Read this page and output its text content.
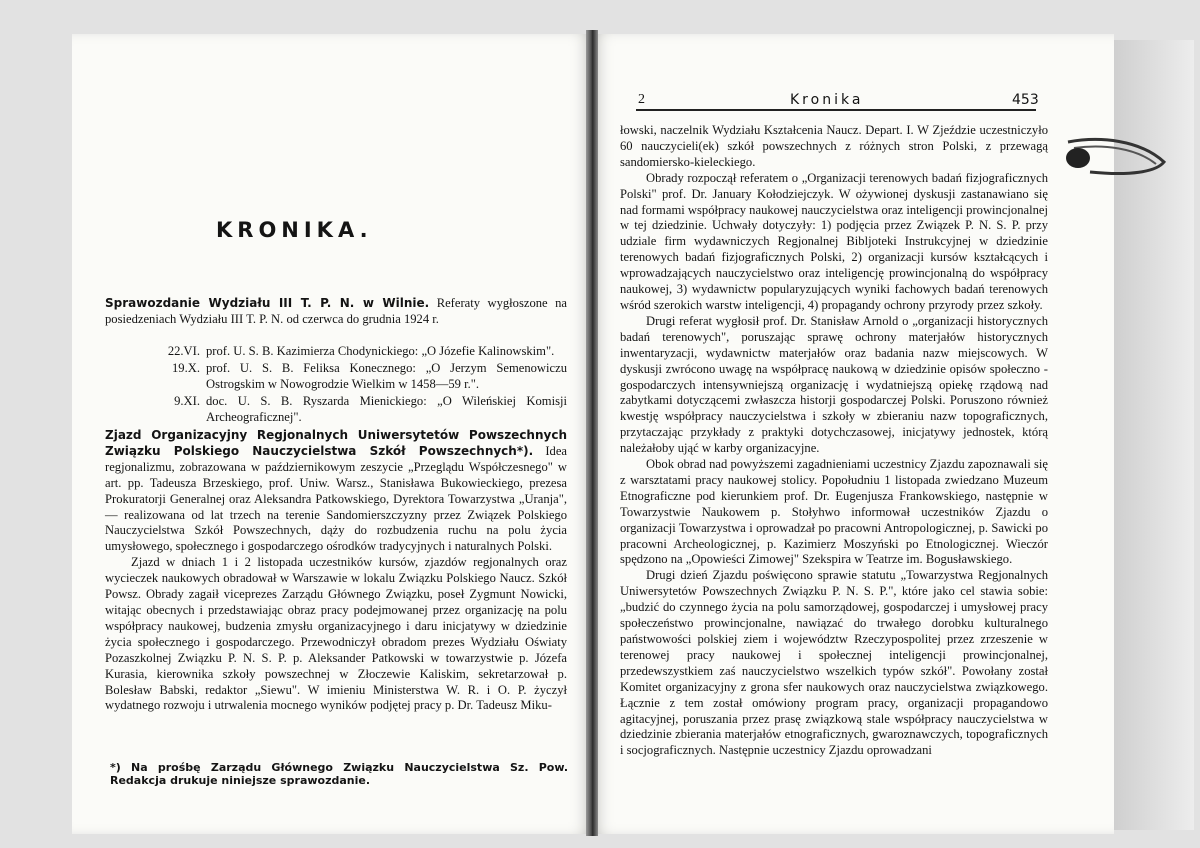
KRONIKA.

Sprawozdanie Wydziału III T. P. N. w Wilnie. Referaty wygłoszone na posiedzeniach Wydziału III T. P. N. od czerwca do grudnia 1924 r.

22.VI. prof. U. S. B. Kazimierza Chodynickiego: „O Józefie Kalinowskim".
19.X. prof. U. S. B. Feliksa Konecznego: „O Jerzym Semenowiczu Ostrogskim w Nowogrodzie Wielkim w 1458—59 r.".
9.XI. doc. U. S. B. Ryszarda Mienickiego: „O Wileńskiej Komisji Archeograficznej".

Zjazd Organizacyjny Regjonalnych Uniwersytetów Powszechnych Związku Polskiego Nauczycielstwa Szkół Powszechnych*). Idea regjonalizmu, zobrazowana w październikowym zeszycie „Przeglądu Współczesnego" w art. pp. Tadeusza Brzeskiego, prof. Uniw. Warsz., Stanisława Bukowieckiego, prezesa Prokuratorji Generalnej oraz Aleksandra Patkowskiego, Dyrektora Towarzystwa „Uranja", — realizowana od lat trzech na terenie Sandomierszczyzny przez Związek Polskiego Nauczycielstwa Szkół Powszechnych, dąży do rozbudzenia ruchu na polu życia umysłowego, społecznego i gospodarczego ośrodków tradycyjnych i naturalnych Polski.

Zjazd w dniach 1 i 2 listopada uczestników kursów, zjazdów regjonalnych oraz wycieczek naukowych obradował w Warszawie w lokalu Związku Polskiego Naucz. Szkół Powsz. Obrady zagaił viceprezes Zarządu Głównego Związku, poseł Zygmunt Nowicki, witając obecnych i przedstawiając obraz pracy podejmowanej przez organizację na polu współpracy naukowej, budzenia zmysłu organizacyjnego i daru inicjatywy w dziedzinie życia społecznego i gospodarczego. Przewodniczył obradom prezes Wydziału Oświaty Pozaszkolnej Związku P. N. S. P. p. Aleksander Patkowski w towarzystwie p. Józefa Kurasia, kierownika szkoły powszechnej w Złoczewie Kaliskim, sekretarzował p. Bolesław Babski, redaktor „Siewu". W imieniu Ministerstwa W. R. i O. P. życzył wydatnego rozwoju i utrwalenia mocnego wyników podjętej pracy p. Dr. Tadeusz Miku-

*) Na prośbę Zarządu Głównego Związku Nauczycielstwa Sz. Pow. Redakcja drukuje niniejsze sprawozdanie.
2	Kronika	453

łowski, naczelnik Wydziału Kształcenia Naucz. Depart. I. W Zjeździe uczestniczyło 60 nauczycieli(ek) szkół powszechnych z różnych stron Polski, z przewagą sandomiersko-kieleckiego.

Obrady rozpoczął referatem o „Organizacji terenowych badań fizjograficznych Polski" prof. Dr. January Kołodziejczyk. W ożywionej dyskusji zastanawiano się nad formami współpracy naukowej nauczycielstwa oraz inteligencji prowincjonalnej w tej dziedzinie. Uchwały dotyczyły: 1) podjęcia przez Związek P. N. S. P. przy udziale firm wydawniczych Regjonalnej Bibljoteki Instrukcyjnej w dziedzinie terenowych badań fizjograficznych Polski, 2) organizacji kursów kształcących i wprowadzających nauczycielstwo oraz inteligencję prowincjonalną do współpracy naukowej, 3) wydawnictw popularyzujących wyniki fachowych badań terenowych wśród szerokich warstw inteligencji, 4) propagandy ochrony przyrody przez szkoły.

Drugi referat wygłosił prof. Dr. Stanisław Arnold o „organizacji historycznych badań terenowych", poruszając sprawę ochrony materjałów historycznych inwentaryzacji, wydawnictw materjałów oraz badania nazw miejscowych. W dyskusji zwrócono uwagę na współpracę naukową w dziedzinie opisów społeczno - gospodarczych intensywniejszą organizację i wydatniejszą opiekę rządową nad zabytkami dotyczącemi zwłaszcza historji gospodarczej Polski. Poruszono również kwestję współpracy nauczycielstwa i szkoły w zbieraniu nazw topograficznych, przytaczając przykłady z praktyki dotychczasowej, inicjatywy jednostek, którą należałoby ująć w karby organizacyjne.

Obok obrad nad powyższemi zagadnieniami uczestnicy Zjazdu zapoznawali się z warsztatami pracy naukowej stolicy. Popołudniu 1 listopada zwiedzano Muzeum Etnograficzne pod kierunkiem prof. Dr. Eugenjusza Frankowskiego, następnie w Towarzystwie Naukowem p. Stołyhwo informował uczestników Zjazdu o organizacji Towarzystwa i oprowadzał po pracowni Antropologicznej, p. Sawicki po pracowni Archeologicznej, p. Kazimierz Moszyński po Etnologicznej. Wieczór spędzono na „Opowieści Zimowej" Szekspira w Teatrze im. Bogusławskiego.

Drugi dzień Zjazdu poświęcono sprawie statutu „Towarzystwa Regjonalnych Uniwersytetów Powszechnych Związku P. N. S. P.", które jako cel stawia sobie: „budzić do czynnego życia na polu samorządowej, gospodarczej i umysłowej pracy społeczeństwo prowincjonalne, nawiązać do trwałego dorobku kulturalnego państwowości polskiej ziem i województw Rzeczypospolitej przez zrzeszenie w terenowej pracy naukowej i społecznej inteligencji prowincjonalnej, przedewszystkiem zaś nauczycielstwo wszelkich typów szkół". Powołany został Komitet organizacyjny z grona sfer naukowych oraz nauczycielstwa związkowego. Łącznie z tem został omówiony program pracy, organizacji propagandowo agitacyjnej, poruszania przez prasę związkową stale współpracy nauczycielstwa w dziedzinie zbierania materjałów etnograficznych, gwaroznawczych, topograficznych i socjograficznych. Następnie uczestnicy Zjazdu oprowadzani
